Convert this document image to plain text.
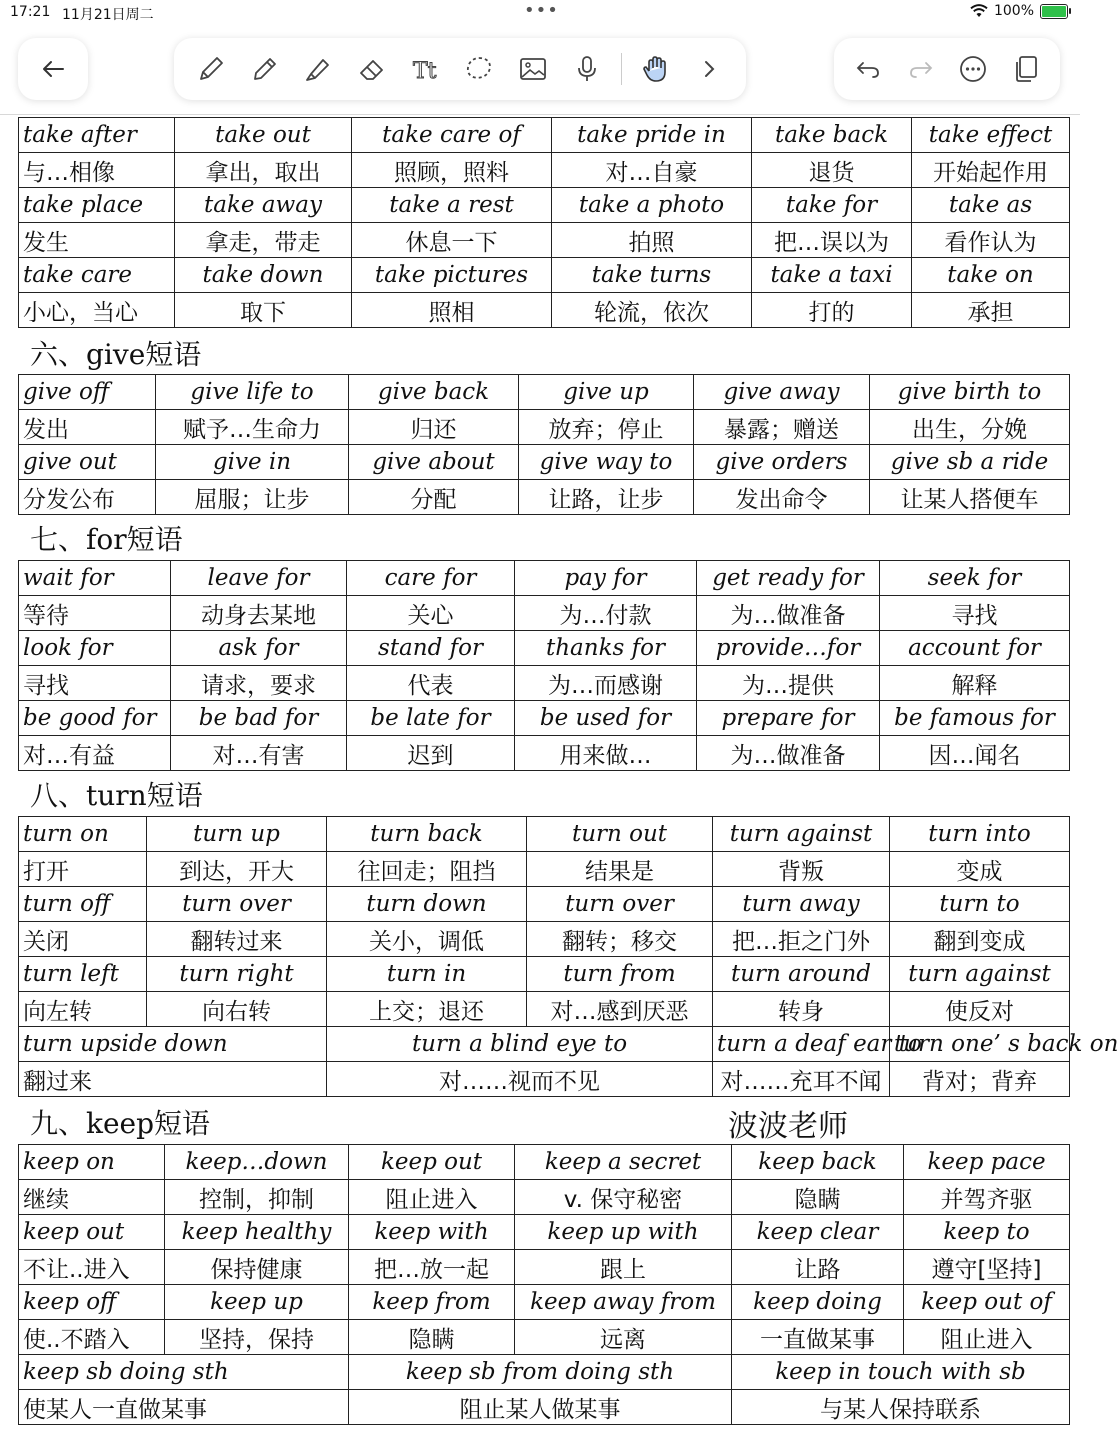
17:21 11月21日周二	•••	100%
Tt
take after	take out	take care of	take pride in	take back	take effect
与…相像	拿出，取出	照顾，照料	对…自豪	退货	开始起作用
take place	take away	take a rest	take a photo	take for	take as
发生	拿走，带走	休息一下	拍照	把…误以为	看作认为
take care	take down	take pictures	take turns	take a taxi	take on
小心，当心	取下	照相	轮流，依次	打的	承担
六、give短语
give off	give life to	give back	give up	give away	give birth to
发出	赋予…生命力	归还	放弃；停止	暴露；赠送	出生，分娩
give out	give in	give about	give way to	give orders	give sb a ride
分发公布	屈服；让步	分配	让路，让步	发出命令	让某人搭便车
七、for短语
wait for	leave for	care for	pay for	get ready for	seek for
等待	动身去某地	关心	为…付款	为…做准备	寻找
look for	ask for	stand for	thanks for	provide…for	account for
寻找	请求，要求	代表	为…而感谢	为…提供	解释
be good for	be bad for	be late for	be used for	prepare for	be famous for
对…有益	对…有害	迟到	用来做…	为…做准备	因…闻名
八、turn短语
turn on	turn up	turn back	turn out	turn against	turn into
打开	到达，开大	往回走；阻挡	结果是	背叛	变成
turn off	turn over	turn down	turn over	turn away	turn to
关闭	翻转过来	关小，调低	翻转；移交	把…拒之门外	翻到变成
turn left	turn right	turn in	turn from	turn around	turn against
向左转	向右转	上交；退还	对…感到厌恶	转身	使反对
turn upside down		turn a blind eye to		turn a deaf ear to	turn one’ s back on
翻过来		对……视而不见		对……充耳不闻	背对；背弃
九、keep短语	波波老师
keep on	keep…down	keep out	keep a secret	keep back	keep pace
继续	控制，抑制	阻止进入	v. 保守秘密	隐瞒	并驾齐驱
keep out	keep healthy	keep with	keep up with	keep clear	keep to
不让..进入	保持健康	把…放一起	跟上	让路	遵守[坚持]
keep off	keep up	keep from	keep away from	keep doing	keep out of
使..不踏入	坚持，保持	隐瞒	远离	一直做某事	阻止进入
keep sb doing sth		keep sb from doing sth		keep in touch with sb	
使某人一直做某事		阻止某人做某事		与某人保持联系	
